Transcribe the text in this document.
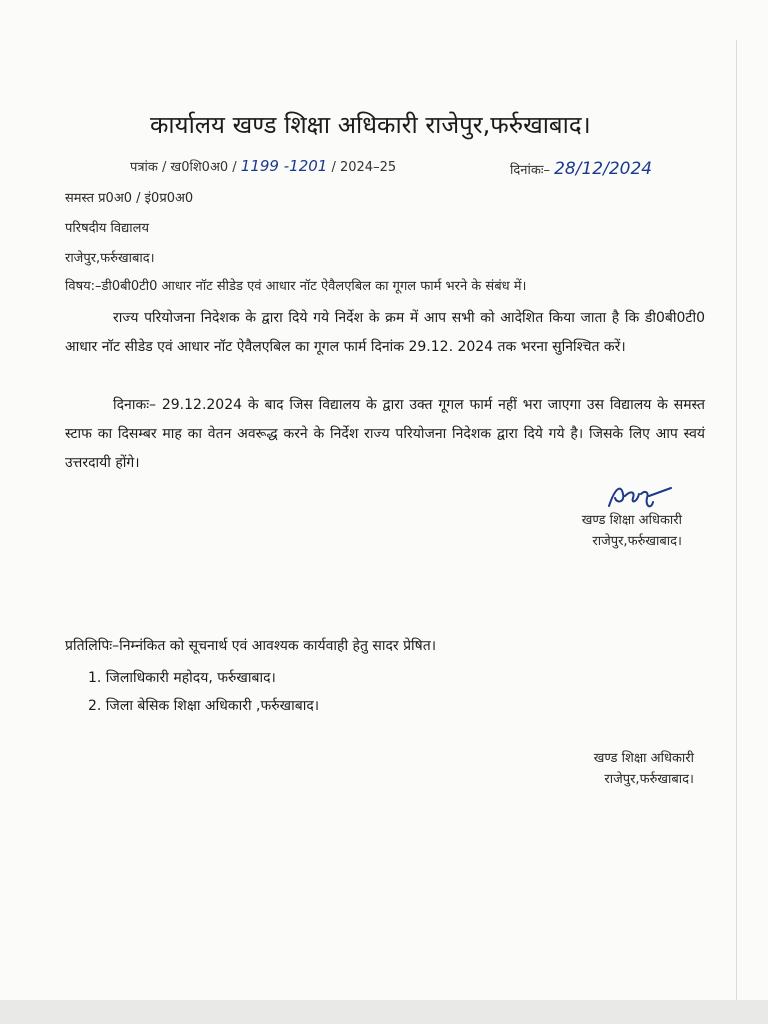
कार्यालय खण्ड शिक्षा अधिकारी राजेपुर,फर्रुखाबाद।
पत्रांक / ख0शि0अ0 / 1199 -1201 / 2024–25	दिनांकः– 28/12/2024
समस्त प्र0अ0 / इं0प्र0अ0
परिषदीय विद्यालय
राजेपुर,फर्रुखाबाद।
विषय:–डी0बी0टी0 आधार नॉट सीडेड एवं आधार नॉट ऐवैलएबिल का गूगल फार्म भरने के संबंध में।
राज्य परियोजना निदेशक के द्वारा दिये गये निर्देश के क्रम में आप सभी को आदेशित किया जाता है कि डी0बी0टी0 आधार नॉट सीडेड एवं आधार नॉट ऐवैलएबिल का गूगल फार्म दिनांक 29.12. 2024 तक भरना सुनिश्चित करें।
दिनाकः– 29.12.2024 के बाद जिस विद्यालय के द्वारा उक्त गूगल फार्म नहीं भरा जाएगा उस विद्यालय के समस्त स्टाफ का दिसम्बर माह का वेतन अवरूद्ध करने के निर्देश राज्य परियोजना निदेशक द्वारा दिये गये है। जिसके लिए आप स्वयं उत्तरदायी होंगे।
खण्ड शिक्षा अधिकारी
राजेपुर,फर्रुखाबाद।
प्रतिलिपिः–निम्नंकित को सूचनार्थ एवं आवश्यक कार्यवाही हेतु सादर प्रेषित।
1. जिलाधिकारी महोदय, फर्रुखाबाद।
2. जिला बेसिक शिक्षा अधिकारी ,फर्रुखाबाद।
खण्ड शिक्षा अधिकारी
राजेपुर,फर्रुखाबाद।
